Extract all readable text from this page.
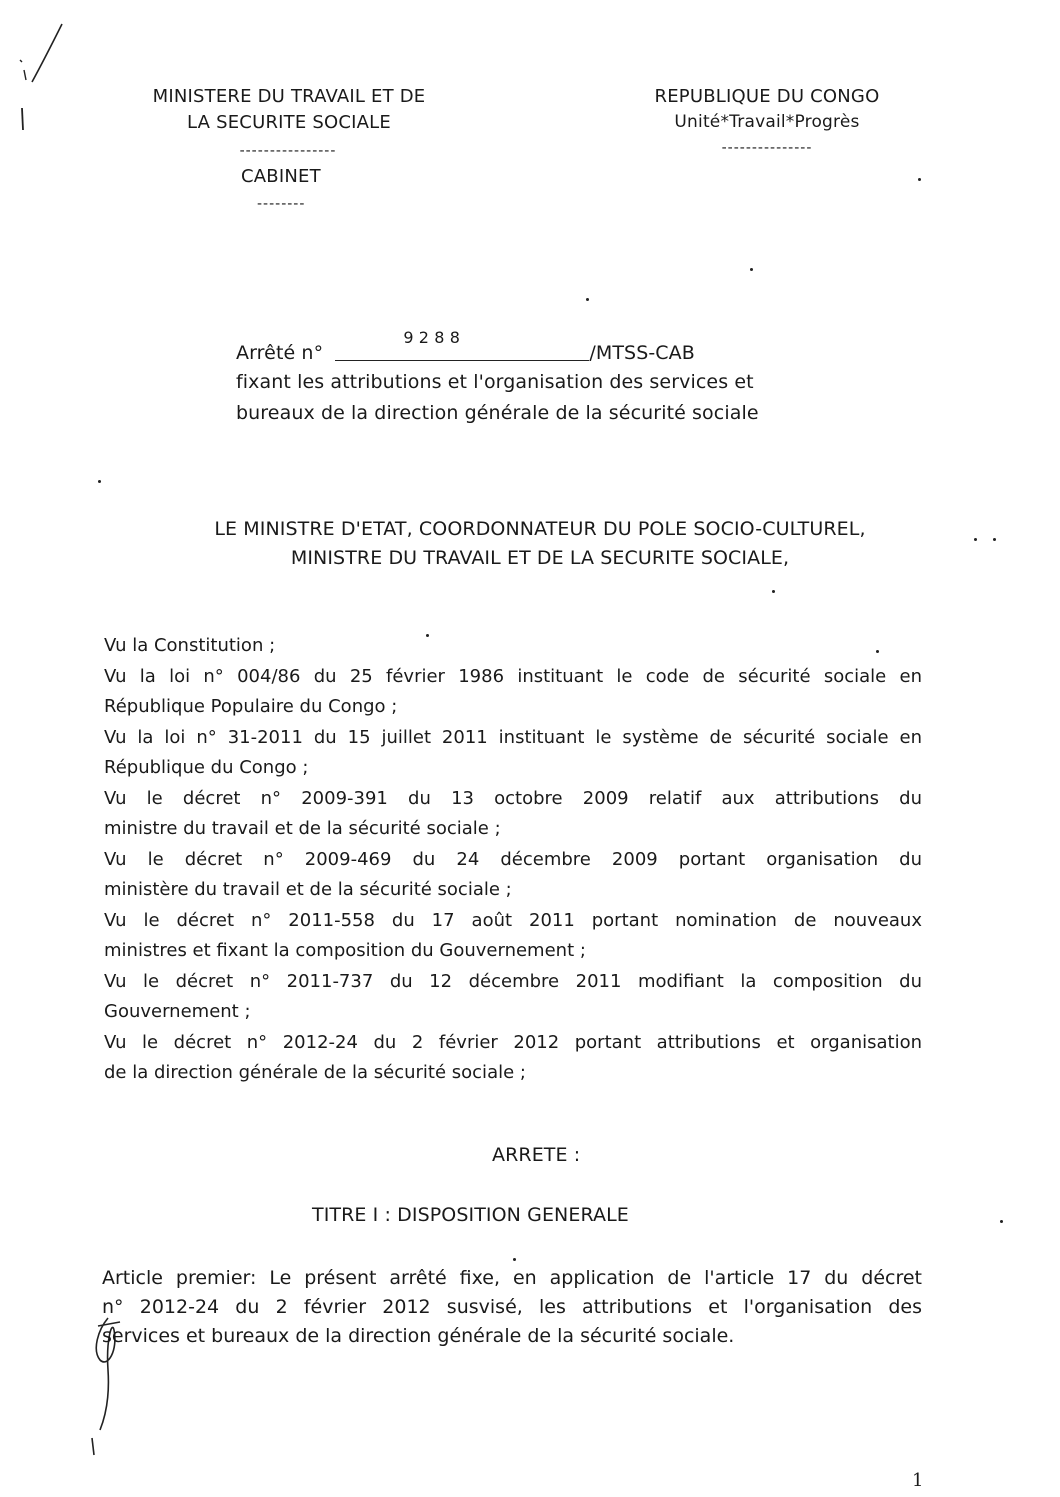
MINISTERE DU TRAVAIL ET DE
LA SECURITE SOCIALE
----------------
CABINET
--------
REPUBLIQUE DU CONGO
Unité*Travail*Progrès
---------------
Arrêté n°
9 2 8 8
/MTSS-CAB
fixant les attributions et l'organisation des services et
bureaux de la direction générale de la sécurité sociale
LE MINISTRE D'ETAT, COORDONNATEUR DU POLE SOCIO-CULTUREL,
MINISTRE DU TRAVAIL ET DE LA SECURITE SOCIALE,
Vu la Constitution ;
Vu la loi n° 004/86 du 25 février 1986 instituant le code de sécurité sociale en
République Populaire du Congo ;
Vu la loi n° 31-2011 du 15 juillet 2011 instituant le système de sécurité sociale en
République du Congo ;
Vu le décret n° 2009-391 du 13 octobre 2009 relatif aux attributions du
ministre du travail et de la sécurité sociale ;
Vu le décret n° 2009-469 du 24 décembre 2009 portant organisation du
ministère du travail et de la sécurité sociale ;
Vu le décret n° 2011-558 du 17 août 2011 portant nomination de nouveaux
ministres et fixant la composition du Gouvernement ;
Vu le décret n° 2011-737 du 12 décembre 2011 modifiant la composition du
Gouvernement ;
Vu le décret n° 2012-24 du 2 février 2012 portant attributions et organisation
de la direction générale de la sécurité sociale ;
ARRETE :
TITRE I : DISPOSITION GENERALE
Article premier: Le présent arrêté fixe, en application de l'article 17 du décret
n° 2012-24 du 2 février 2012 susvisé, les attributions et l'organisation des
services et bureaux de la direction générale de la sécurité sociale.
1
